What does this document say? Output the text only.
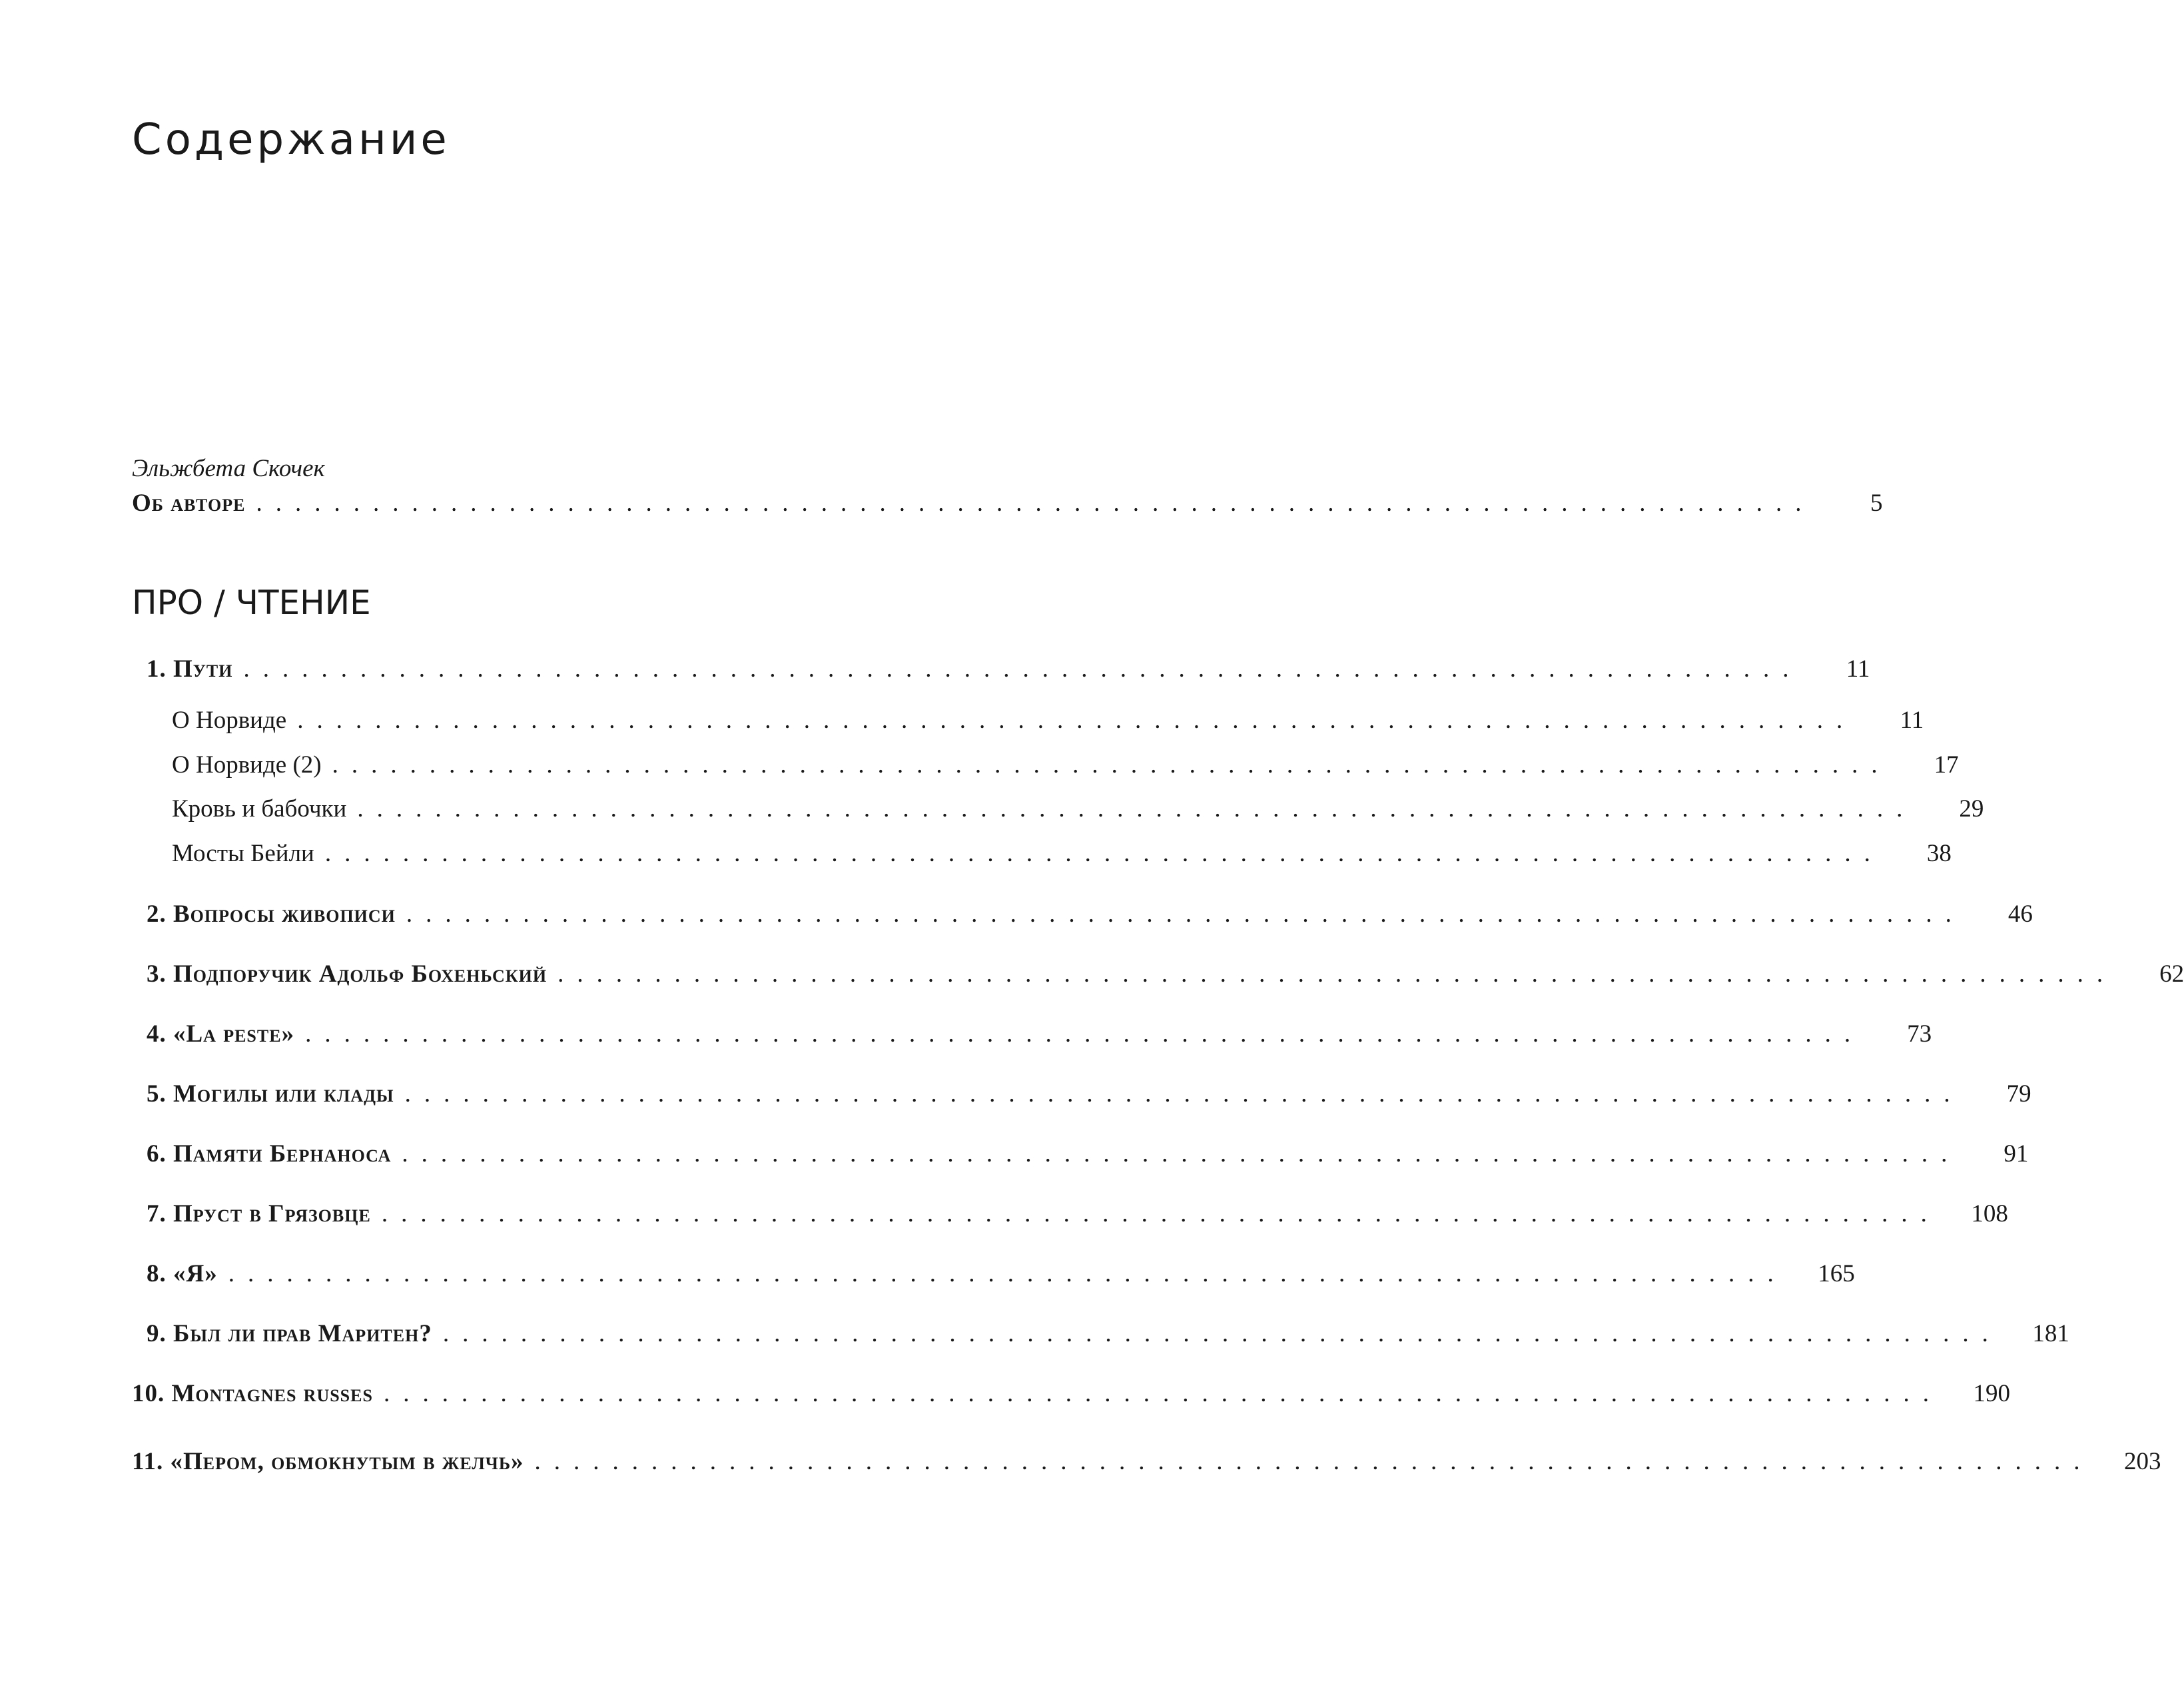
Содержание
Эльжбета Скочек
Об авторе ................................................................................	5
ПРО / ЧТЕНИЕ
1. Пути ................................................................................	11
О Норвиде ................................................................................	11
О Норвиде (2) ................................................................................	17
Кровь и бабочки ................................................................................	29
Мосты Бейли ................................................................................	38
2. Вопросы живописи ................................................................................	46
3. Подпоручик Адольф Бохеньский ................................................................................	62
4. «La peste» ................................................................................	73
5. Могилы или клады ................................................................................	79
6. Памяти Бернаноса ................................................................................	91
7. Пруст в Грязовце ................................................................................	108
8. «Я» ................................................................................	165
9. Был ли прав Маритен? ................................................................................	181
10. Montagnes russes ................................................................................	190
11. «Пером, обмокнутым в желчь» ................................................................................	203
